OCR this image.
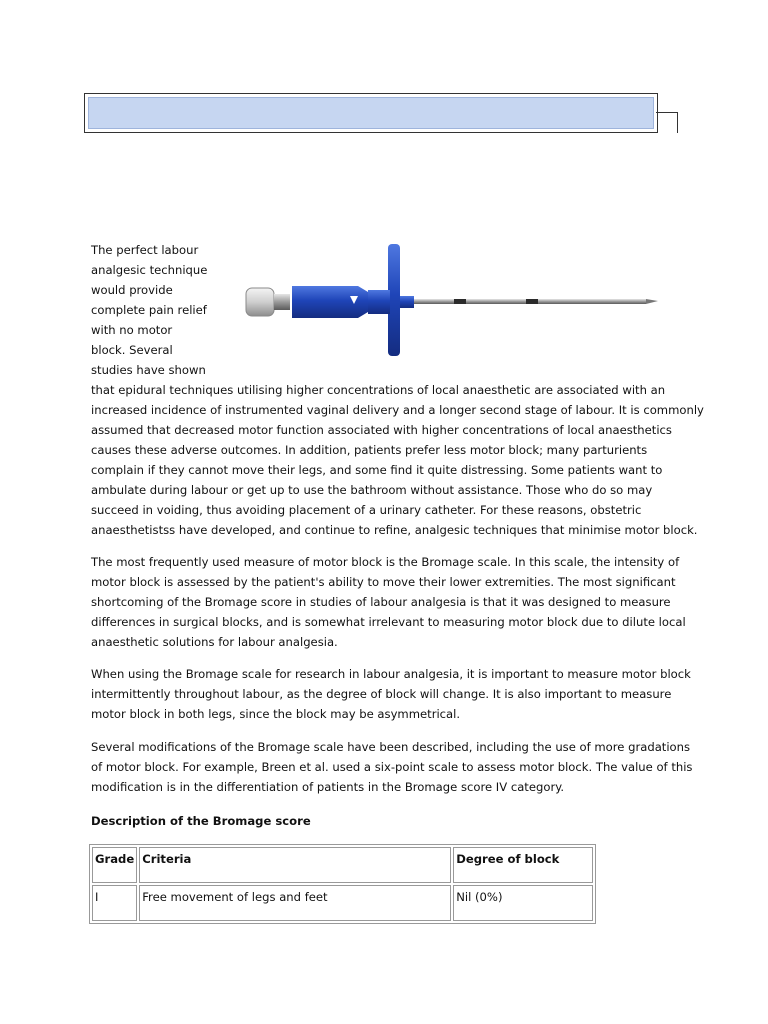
The perfect labour
analgesic technique
would provide
complete pain relief
with no motor
block. Several
studies have shown
that epidural techniques utilising higher concentrations of local anaesthetic are associated with an
increased incidence of instrumented vaginal delivery and a longer second stage of labour. It is commonly
assumed that decreased motor function associated with higher concentrations of local anaesthetics
causes these adverse outcomes. In addition, patients prefer less motor block; many parturients
complain if they cannot move their legs, and some find it quite distressing. Some patients want to
ambulate during labour or get up to use the bathroom without assistance. Those who do so may
succeed in voiding, thus avoiding placement of a urinary catheter. For these reasons, obstetric
anaesthetistss have developed, and continue to refine, analgesic techniques that minimise motor block.

The most frequently used measure of motor block is the Bromage scale. In this scale, the intensity of
motor block is assessed by the patient's ability to move their lower extremities. The most significant
shortcoming of the Bromage score in studies of labour analgesia is that it was designed to measure
differences in surgical blocks, and is somewhat irrelevant to measuring motor block due to dilute local
anaesthetic solutions for labour analgesia.

When using the Bromage scale for research in labour analgesia, it is important to measure motor block
intermittently throughout labour, as the degree of block will change. It is also important to measure
motor block in both legs, since the block may be asymmetrical.

Several modifications of the Bromage scale have been described, including the use of more gradations
of motor block. For example, Breen et al. used a six-point scale to assess motor block. The value of this
modification is in the differentiation of patients in the Bromage score IV category.

Description of the Bromage score

Grade	Criteria	Degree of block
I	Free movement of legs and feet	Nil (0%)
